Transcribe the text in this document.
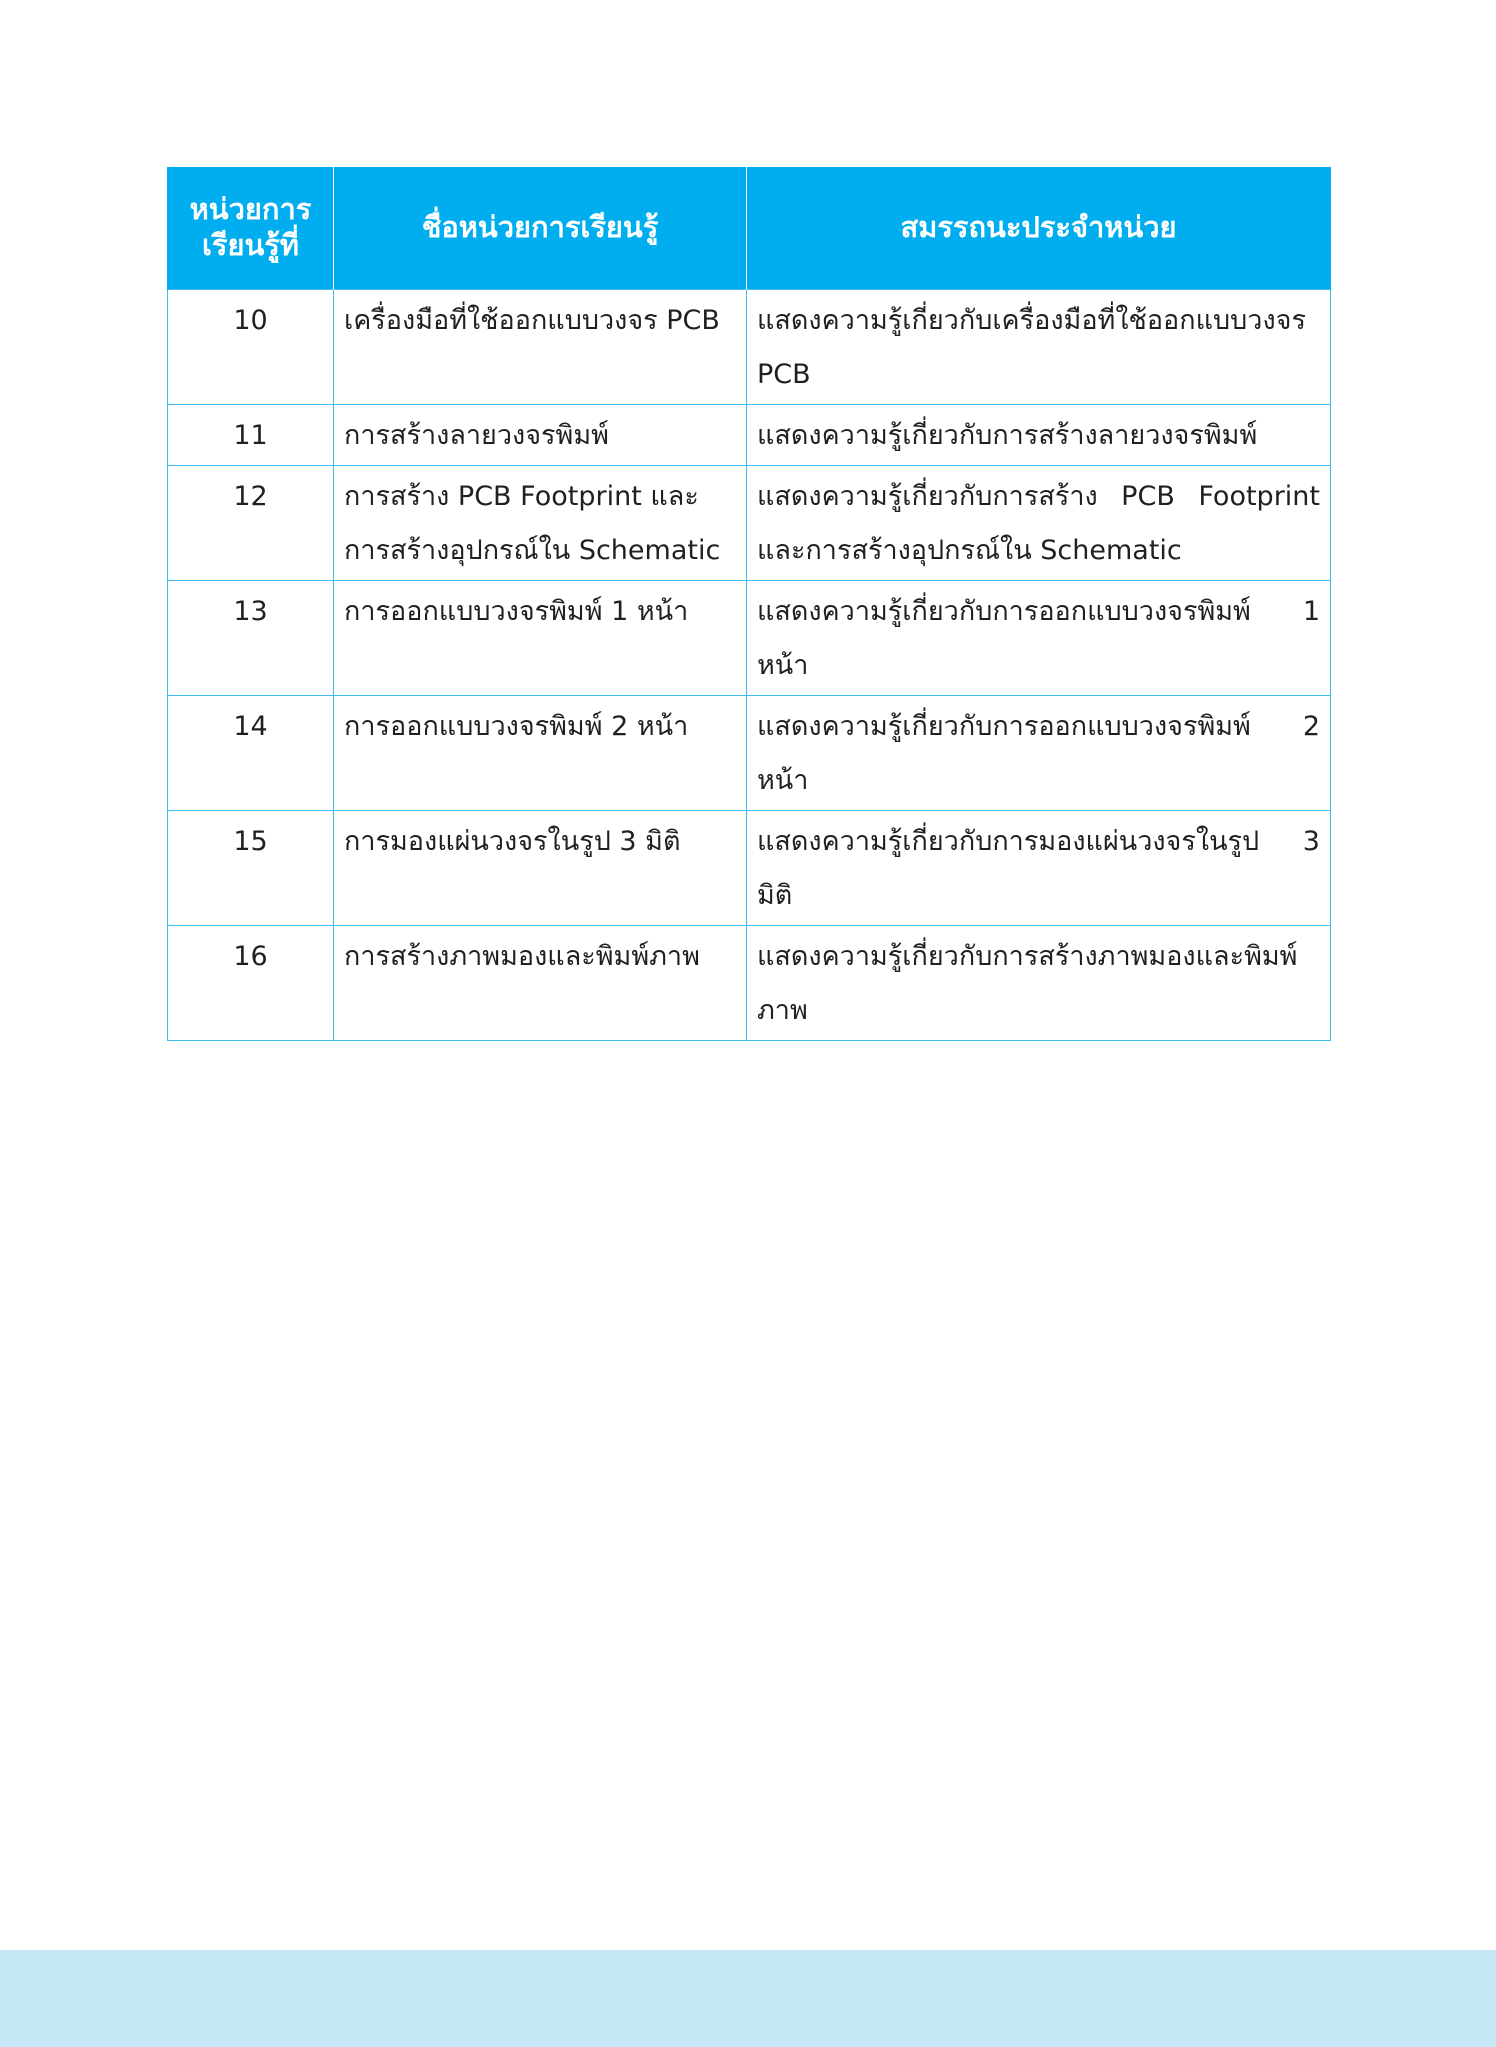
หน่วยการเรียนรู้ที่	ชื่อหน่วยการเรียนรู้	สมรรถนะประจำหน่วย
10	เครื่องมือที่ใช้ออกแบบวงจร PCB	แสดงความรู้เกี่ยวกับเครื่องมือที่ใช้ออกแบบวงจร PCB
11	การสร้างลายวงจรพิมพ์	แสดงความรู้เกี่ยวกับการสร้างลายวงจรพิมพ์
12	การสร้าง PCB Footprint และการสร้างอุปกรณ์ใน Schematic	แสดงความรู้เกี่ยวกับการสร้าง PCB Footprint และการสร้างอุปกรณ์ใน Schematic
13	การออกแบบวงจรพิมพ์ 1 หน้า	แสดงความรู้เกี่ยวกับการออกแบบวงจรพิมพ์ 1 หน้า
14	การออกแบบวงจรพิมพ์ 2 หน้า	แสดงความรู้เกี่ยวกับการออกแบบวงจรพิมพ์ 2 หน้า
15	การมองแผ่นวงจรในรูป 3 มิติ	แสดงความรู้เกี่ยวกับการมองแผ่นวงจรในรูป 3 มิติ
16	การสร้างภาพมองและพิมพ์ภาพ	แสดงความรู้เกี่ยวกับการสร้างภาพมองและพิมพ์ภาพ
